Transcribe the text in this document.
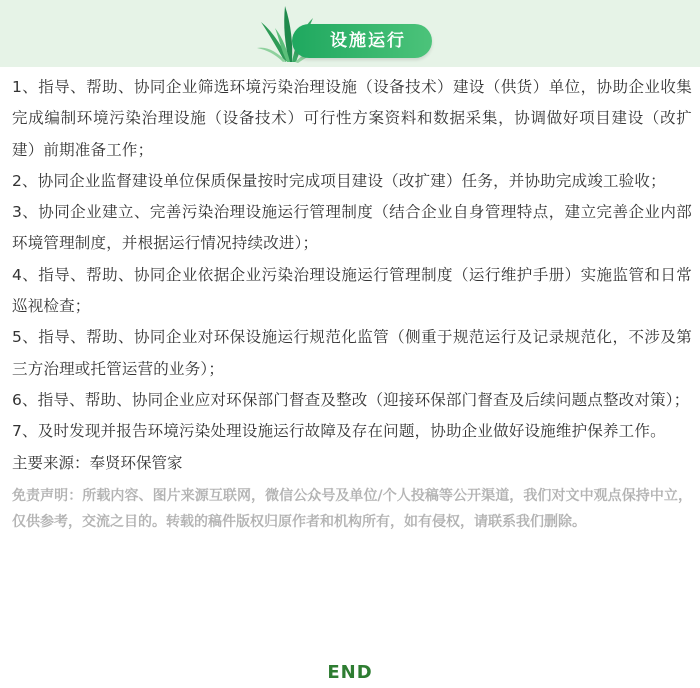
设施运行

1、指导、帮助、协同企业筛选环境污染治理设施（设备技术）建设（供货）单位，协助企业收集完成编制环境污染治理设施（设备技术）可行性方案资料和数据采集，协调做好项目建设（改扩建）前期准备工作；

2、协同企业监督建设单位保质保量按时完成项目建设（改扩建）任务，并协助完成竣工验收；

3、协同企业建立、完善污染治理设施运行管理制度（结合企业自身管理特点，建立完善企业内部环境管理制度，并根据运行情况持续改进）；

4、指导、帮助、协同企业依据企业污染治理设施运行管理制度（运行维护手册）实施监管和日常巡视检查；

5、指导、帮助、协同企业对环保设施运行规范化监管（侧重于规范运行及记录规范化，不涉及第三方治理或托管运营的业务）；

6、指导、帮助、协同企业应对环保部门督查及整改（迎接环保部门督查及后续问题点整改对策）；

7、及时发现并报告环境污染处理设施运行故障及存在问题，协助企业做好设施维护保养工作。

主要来源：奉贤环保管家

免责声明：所载内容、图片来源互联网，微信公众号及单位/个人投稿等公开渠道，我们对文中观点保持中立，仅供参考，交流之目的。转载的稿件版权归原作者和机构所有，如有侵权，请联系我们删除。

END
